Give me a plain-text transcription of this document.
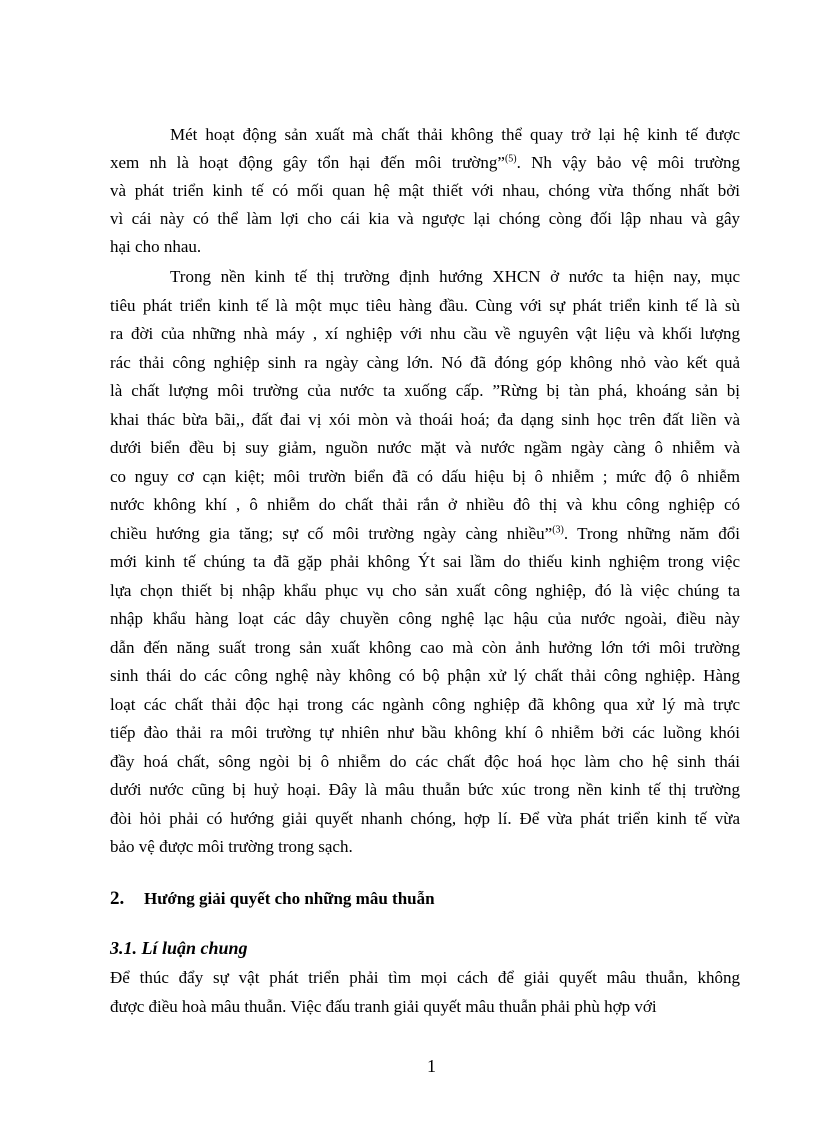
Mét hoạt động sản xuất mà chất thải không thể quay trở lại hệ kinh tế được
xem nh là hoạt động gây tổn hại đến môi trường”$^{(5)}$. Nh vậy bảo vệ môi trường
và phát triển kinh tế có mối quan hệ mật thiết với nhau, chóng vừa thống nhất bởi
vì cái này có thể làm lợi cho cái kia và ngược lại chóng còng đối lập nhau và gây
hại cho nhau.
Trong nền kinh tế thị trường định hướng XHCN ở nước ta hiện nay, mục
tiêu phát triển kinh tế là một mục tiêu hàng đầu. Cùng với sự phát triển kinh tế là sù
ra đời của những nhà máy , xí nghiệp với nhu cầu về nguyên vật liệu và khối lượng
rác thải công nghiệp sinh ra ngày càng lớn. Nó đã đóng góp không nhỏ vào kết quả
là chất lượng môi trường của nước ta xuống cấp. ”Rừng bị tàn phá, khoáng sản bị
khai thác bừa bãi,, đất đai vị xói mòn và thoái hoá; đa dạng sinh học trên đất liền và
dưới biển đều bị suy giảm, nguồn nước mặt và nước ngầm ngày càng ô nhiễm và
co nguy cơ cạn kiệt; môi trườn biển đã có dấu hiệu bị ô nhiễm ; mức độ ô nhiễm
nước không khí , ô nhiễm do chất thải rắn ở nhiều đô thị và khu công nghiệp có
chiều hướng gia tăng; sự cố môi trường ngày càng nhiều”$^{(3)}$. Trong những năm đổi
mới kinh tế chúng ta đã gặp phải không Ýt sai lầm do thiếu kinh nghiệm trong việc
lựa chọn thiết bị nhập khẩu phục vụ cho sản xuất công nghiệp, đó là việc chúng ta
nhập khẩu hàng loạt các dây chuyền công nghệ lạc hậu của nước ngoài, điều này
dẫn đến năng suất trong sản xuất không cao mà còn ảnh hưởng lớn tới môi trường
sinh thái do các công nghệ này không có bộ phận xử lý chất thải công nghiệp. Hàng
loạt các chất thải độc hại trong các ngành công nghiệp đã không qua xử lý mà trực
tiếp đào thải ra môi trường tự nhiên như bầu không khí ô nhiễm bởi các luồng khói
đầy hoá chất, sông ngòi bị ô nhiễm do các chất độc hoá học làm cho hệ sinh thái
dưới nước cũng bị huỷ hoại. Đây là mâu thuẫn bức xúc trong nền kinh tế thị trường
đòi hỏi phải có hướng giải quyết nhanh chóng, hợp lí. Để vừa phát triển kinh tế vừa
bảo vệ được môi trường trong sạch.
2. Hướng giải quyết cho những mâu thuẫn
3.1. Lí luận chung
Để thúc đẩy sự vật phát triển phải tìm mọi cách để giải quyết mâu thuẫn, không
được điều hoà mâu thuẫn. Việc đấu tranh giải quyết mâu thuẫn phải phù hợp với
1
